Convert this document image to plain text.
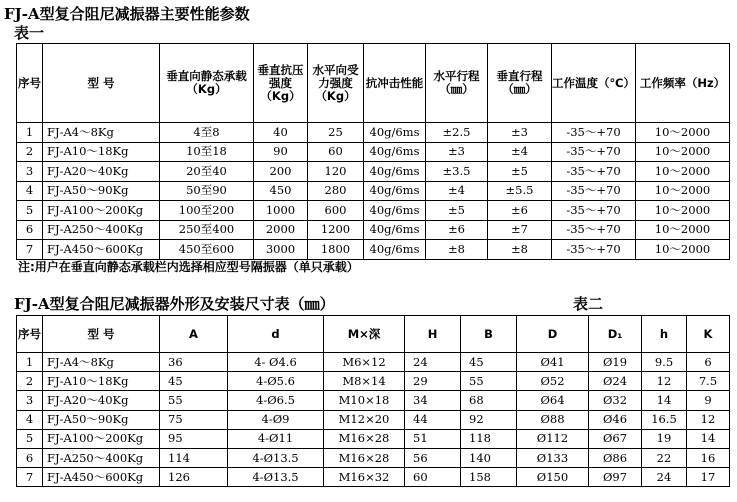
FJ-A型复合阻尼减振器主要性能参数
表一
序号	型 号	垂直向静态承载（Kg）	垂直抗压强度（Kg）	水平向受力强度（Kg）	抗冲击性能	水平行程（㎜）	垂直行程（㎜）	工作温度（℃）	工作频率（Hz）
1	FJ-A4～8Kg	4至8	40	25	40g/6ms	±2.5	±3	-35～+70	10～2000
2	FJ-A10～18Kg	10至18	90	60	40g/6ms	±3	±4	-35～+70	10～2000
3	FJ-A20～40Kg	20至40	200	120	40g/6ms	±3.5	±5	-35～+70	10～2000
4	FJ-A50～90Kg	50至90	450	280	40g/6ms	±4	±5.5	-35～+70	10～2000
5	FJ-A100～200Kg	100至200	1000	600	40g/6ms	±5	±6	-35～+70	10～2000
6	FJ-A250～400Kg	250至400	2000	1200	40g/6ms	±6	±7	-35～+70	10～2000
7	FJ-A450～600Kg	450至600	3000	1800	40g/6ms	±8	±8	-35～+70	10～2000
注:用户在垂直向静态承载栏内选择相应型号隔振器（单只承载）
FJ-A型复合阻尼减振器外形及安装尺寸表（㎜）	表二
序号	型 号	A	d	M×深	H	B	D	D₁	h	K
1	FJ-A4～8Kg	36	4- Ø4.6	M6×12	24	45	Ø41	Ø19	9.5	6
2	FJ-A10～18Kg	45	4-Ø5.6	M8×14	29	55	Ø52	Ø24	12	7.5
3	FJ-A20～40Kg	55	4-Ø6.5	M10×18	34	68	Ø64	Ø32	14	9
4	FJ-A50～90Kg	75	4-Ø9	M12×20	44	92	Ø88	Ø46	16.5	12
5	FJ-A100～200Kg	95	4-Ø11	M16×28	51	118	Ø112	Ø67	19	14
6	FJ-A250～400Kg	114	4-Ø13.5	M16×28	56	140	Ø133	Ø86	22	16
7	FJ-A450～600Kg	126	4-Ø13.5	M16×32	60	158	Ø150	Ø97	24	17
